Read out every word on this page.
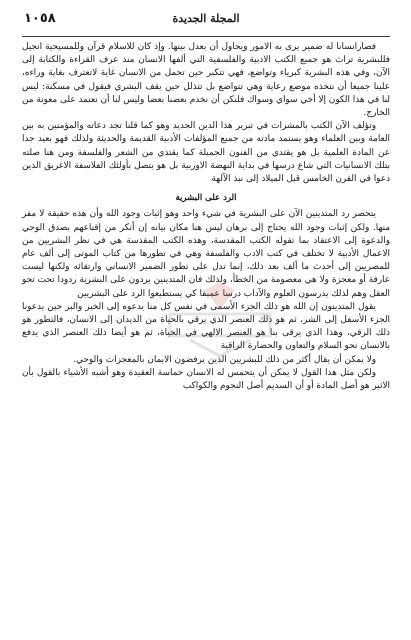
المجلة الجديدة
١٠٥٨

فصارانسانا له ضمير يرى به الامور ويحاول أن يعدل بينها. وإذ كان للاسلام قرآن وللمسيحية انجيل فللبشرية تراث هو جميع الكتب الادبية والفلسفية التي ألفها الانسان منذ عرف القراءة والكتابة إلى الآن، وفي هذه البشرية كبرياء وتواضع، فهي تتكبر حين تجمل من الانسان غاية لاتعترف بغاية وراءه، علينا جميعا أن نتخذه موضع رعاية وهي تتواضع بل تتذلل حين يقف البشري فيقول في مسكنة: ليس لنا في هذا الكون إلا أخي سواي وسواك فلنكن أن نخدم بعضنا بعضا وليس لنا أن نعتمد على معونة من الخارج.

وتؤلف الآن الكتب بالمشرات في تبرير هذا الدين الجديد وهو كما قلنا تجد دعاته والمؤمنين به بين العامة وبين العلماء وهو يستمد مادته من جميع المؤلفات الأدبية القديمة والحديثة ولذلك فهو بعيد جدا عن المادة العلمية بل هو يقتدي من الفنون الجميلة كما يقتدي من الشعر والفلسفة ومن هنا صلته بتلك الانسانيات التي شاع درسها في بداية النهضة الاوربية بل هو يتصل بأولئك الفلاسفة الاغريق الذين دعوا في القرن الخامس قبل الميلاد إلى نبذ الآلهة

الرد على البشرية

يتحصر رد المتدينين الآن على البشرية في شيء واحد وهو إثبات وجود الله وأن هذه حقيقة لا مفر منها. ولكن إثبات وجود الله يحتاج إلى برهان ليس هنا مكان بيانه إن أنكر من إقناعهم بصدق الوحي والدعوة إلى الاعتقاد بما تقوله الكتب المقدسة، وهذه الكتب المقدسة هي في نظر البشريين من الاعمال الأدبية لا تختلف في كتب الادب والفلسفة وهي في تطورها من كتاب الموتى إلى ألف عام للمصريين إلى أحدث ما ألف بعد ذلك، إنما تدل على تطور الضمير الانساني وارتقائه ولكنها ليست عارفة أو معجزة ولا هي معصومة من الخطأ، ولذلك فان المتدينين يردون على البشرية ردودا تحت تحو العقل وهم لذلك يدرسون العلوم والآداب درسا عميقا كي يستطيعوا الرد على البشريين

يقول المتدينون إن الله هو ذلك الجزء الأسمى في نفس كل منا يدعوه إلى الخير والبر حين يدعونا الجزء الأسفل إلى الشر، ثم هو ذلك العنصر الذي يرقي بالحياة من الديدان إلى الانسان، فالتطور هو ذلك الرقي، وهذا الذي يرقى بنا هو العنصر الالهي في الحياة، ثم هو أيضا ذلك العنصر الذي يدفع بالانسان نحو السلام والتعاون والحضارة الراقية

ولا يمكن أن يقال أكثر من ذلك للبشريين الذين يرفضون الايمان بالمعجزات والوحي.

ولكن مثل هذا القول لا يمكن أن يتحمس له الانسان حماسة العقيدة وهو أشبه الأشياء بالقول بأن الاثير هو أصل المادة أو أن السديم أصل النجوم والكواكب
